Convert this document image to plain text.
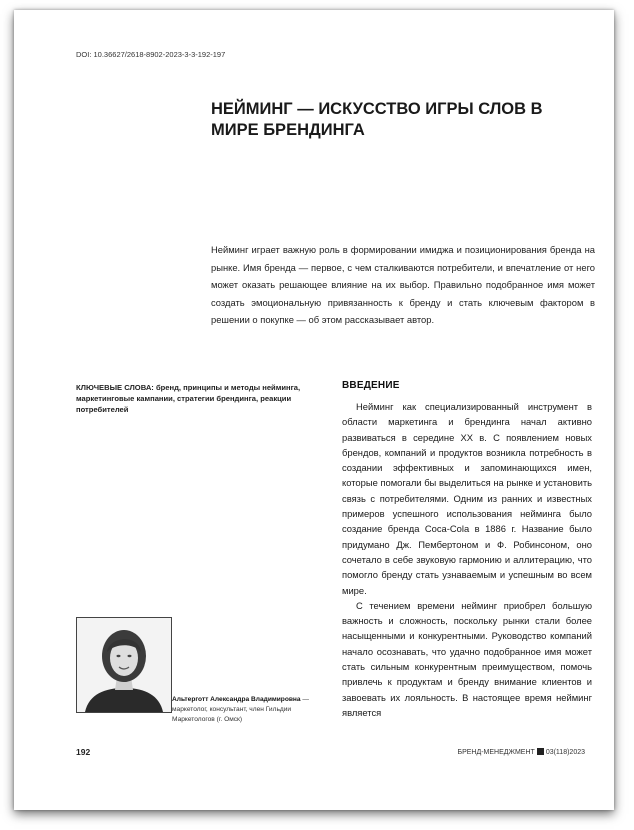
DOI: 10.36627/2618-8902-2023-3-3-192-197
НЕЙМИНГ — ИСКУССТВО ИГРЫ СЛОВ В МИРЕ БРЕНДИНГА

Нейминг играет важную роль в формировании имиджа и позиционирования бренда на рынке. Имя бренда — первое, с чем сталкиваются потребители, и впечатление от него может оказать решающее влияние на их выбор. Правильно подобранное имя может создать эмоциональную привязанность к бренду и стать ключевым фактором в решении о покупке — об этом рассказывает автор.

КЛЮЧЕВЫЕ СЛОВА: бренд, принципы и методы нейминга, маркетинговые кампании, стратегии брендинга, реакции потребителей

Альтерготт Александра Владимировна — маркетолог, консультант, член Гильдии Маркетологов (г. Омск)

ВВЕДЕНИЕ

Нейминг как специализированный инструмент в области маркетинга и брендинга начал активно развиваться в середине XX в. С появлением новых брендов, компаний и продуктов возникла потребность в создании эффективных и запоминающихся имен, которые помогали бы выделиться на рынке и установить связь с потребителями. Одним из ранних и известных примеров успешного использования нейминга было создание бренда Coca-Cola в 1886 г. Название было придумано Дж. Пембертоном и Ф. Робинсоном, оно сочетало в себе звуковую гармонию и аллитерацию, что помогло бренду стать узнаваемым и успешным во всем мире.

С течением времени нейминг приобрел большую важность и сложность, поскольку рынки стали более насыщенными и конкурентными. Руководство компаний начало осознавать, что удачно подобранное имя может стать сильным конкурентным преимуществом, помочь привлечь к продуктам и бренду внимание клиентов и завоевать их лояльность. В настоящее время нейминг является

192	БРЕНД-МЕНЕДЖМЕНТ 03(118)2023
